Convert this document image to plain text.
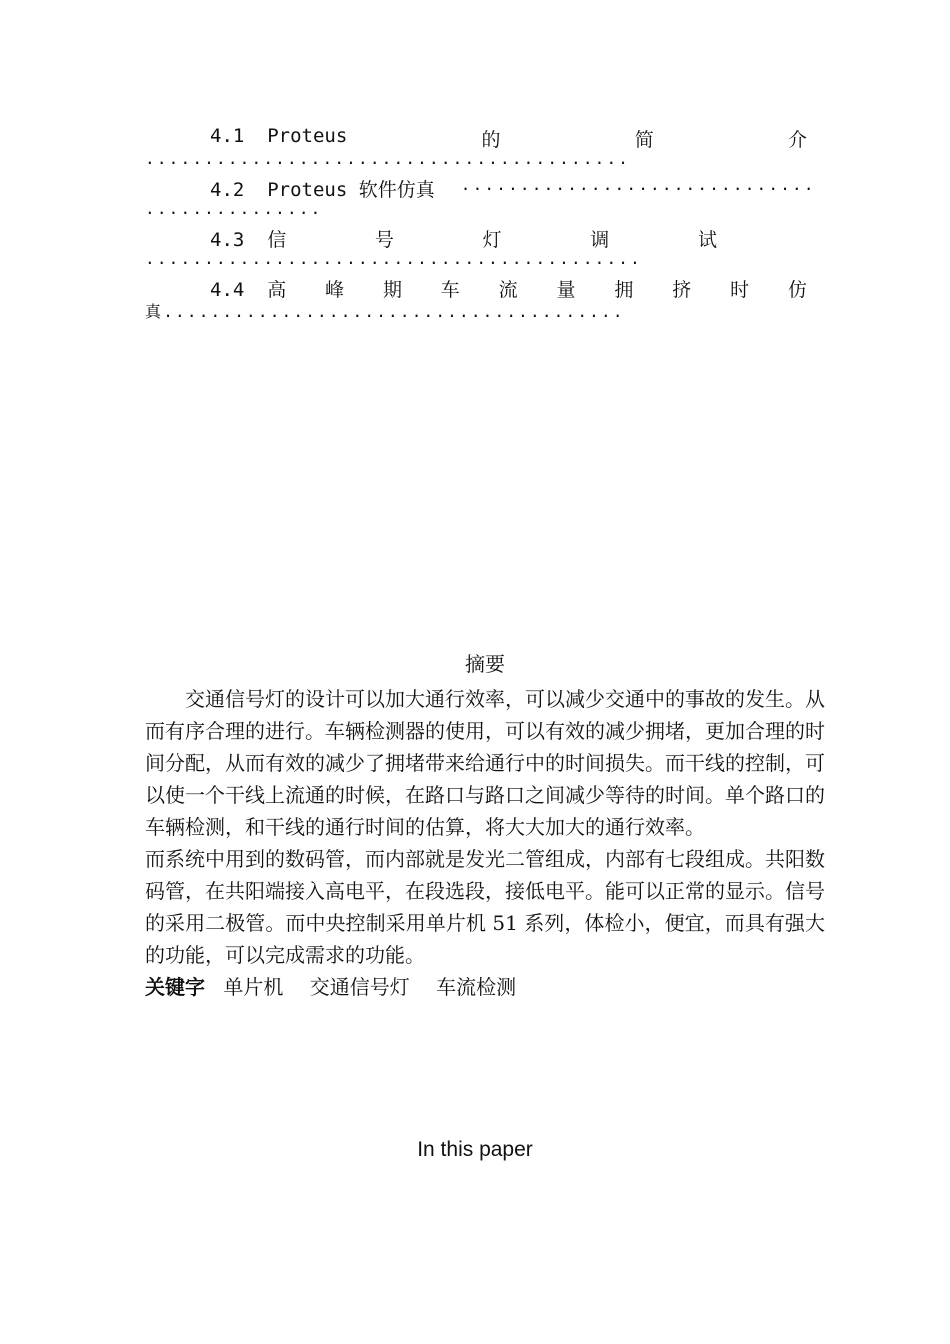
4.1 Proteus	的	简	介
.........................................
4.2 Proteus 软件仿真 ..............................
...............
4.3 信	号	灯	调	试
..........................................
4.4 高 峰 期 车 流 量 拥 挤 时 仿
真.......................................
摘要

交通信号灯的设计可以加大通行效率，可以减少交通中的事故的发生。从而有序合理的进行。车辆检测器的使用，可以有效的减少拥堵，更加合理的时间分配，从而有效的减少了拥堵带来给通行中的时间损失。而干线的控制，可以使一个干线上流通的时候，在路口与路口之间减少等待的时间。单个路口的车辆检测，和干线的通行时间的估算，将大大加大的通行效率。

而系统中用到的数码管，而内部就是发光二管组成，内部有七段组成。共阳数码管，在共阳端接入高电平，在段选段，接低电平。能可以正常的显示。信号的采用二极管。而中央控制采用单片机 51 系列，体检小，便宜，而具有强大的功能，可以完成需求的功能。

关键字 单片机 交通信号灯 车流检测
In this paper
